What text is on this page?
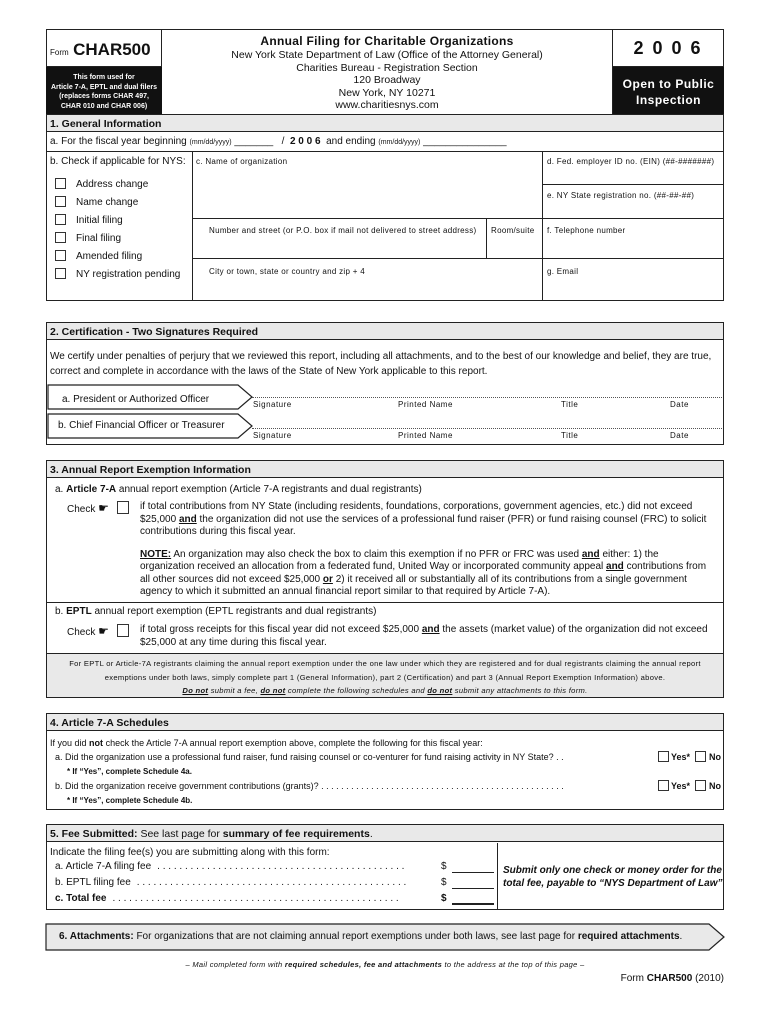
Form CHAR500
This form used for
Article 7-A, EPTL and dual filers
(replaces forms CHAR 497,
CHAR 010 and CHAR 006)
Annual Filing for Charitable Organizations
New York State Department of Law (Office of the Attorney General)
Charities Bureau - Registration Section
120 Broadway
New York, NY 10271
www.charitiesnys.com
2 0 0 6
Open to Public
Inspection
1. General Information
a. For the fiscal year beginning (mm/dd/yyyy) _______ / 2 0 0 6 and ending (mm/dd/yyyy) _______________
b. Check if applicable for NYS:
Address change
Name change
Initial filing
Final filing
Amended filing
NY registration pending
c. Name of organization
Number and street (or P.O. box if mail not delivered to street address) Room/suite
City or town, state or country and zip + 4
d. Fed. employer ID no. (EIN) (##-#######)
e. NY State registration no. (##-##-##)
f. Telephone number
g. Email
2. Certification - Two Signatures Required
We certify under penalties of perjury that we reviewed this report, including all attachments, and to the best of our knowledge and belief, they are true,
correct and complete in accordance with the laws of the State of New York applicable to this report.
a. President or Authorized Officer
b. Chief Financial Officer or Treasurer
Signature	Printed Name	Title	Date
Signature	Printed Name	Title	Date
3. Annual Report Exemption Information
a. Article 7-A annual report exemption (Article 7-A registrants and dual registrants)
Check ☛	if total contributions from NY State (including residents, foundations, corporations, government agencies, etc.) did not exceed
$25,000 and the organization did not use the services of a professional fund raiser (PFR) or fund raising counsel (FRC) to solicit
contributions during this fiscal year.
NOTE: An organization may also check the box to claim this exemption if no PFR or FRC was used and either: 1) the
organization received an allocation from a federated fund, United Way or incorporated community appeal and contributions from
all other sources did not exceed $25,000 or 2) it received all or substantially all of its contributions from a single government
agency to which it submitted an annual financial report similar to that required by Article 7-A).
b. EPTL annual report exemption (EPTL registrants and dual registrants)
Check ☛	if total gross receipts for this fiscal year did not exceed $25,000 and the assets (market value) of the organization did not exceed
$25,000 at any time during this fiscal year.
For EPTL or Article-7A registrants claiming the annual report exemption under the one law under which they are registered and for dual registrants claiming the annual report
exemptions under both laws, simply complete part 1 (General Information), part 2 (Certification) and part 3 (Annual Report Exemption Information) above.
Do not submit a fee, do not complete the following schedules and do not submit any attachments to this form.
4. Article 7-A Schedules
If you did not check the Article 7-A annual report exemption above, complete the following for this fiscal year:
a. Did the organization use a professional fund raiser, fund raising counsel or co-venturer for fund raising activity in NY State? . .	Yes* No
* If “Yes”, complete Schedule 4a.
b. Did the organization receive government contributions (grants)? . . . . . . . . . . . . . . . . . . . . . . . . . . . . . . . . . . . . . . . . . . . . . . . . .	Yes* No
* If “Yes”, complete Schedule 4b.
5. Fee Submitted: See last page for summary of fee requirements.
Indicate the filing fee(s) you are submitting along with this form:
a. Article 7-A filing fee . . . . . . . . . . . . . . . . . . . . . . . . . . . . . . . . . . . . . . . . . . . . .	$
b. EPTL filing fee . . . . . . . . . . . . . . . . . . . . . . . . . . . . . . . . . . . . . . . . . . . . . . . . .	$
c. Total fee . . . . . . . . . . . . . . . . . . . . . . . . . . . . . . . . . . . . . . . . . . . . . . . . . . . .	$
Submit only one check or money order for the
total fee, payable to “NYS Department of Law”
6. Attachments: For organizations that are not claiming annual report exemptions under both laws, see last page for required attachments.
– Mail completed form with required schedules, fee and attachments to the address at the top of this page –
Form CHAR500 (2010)
